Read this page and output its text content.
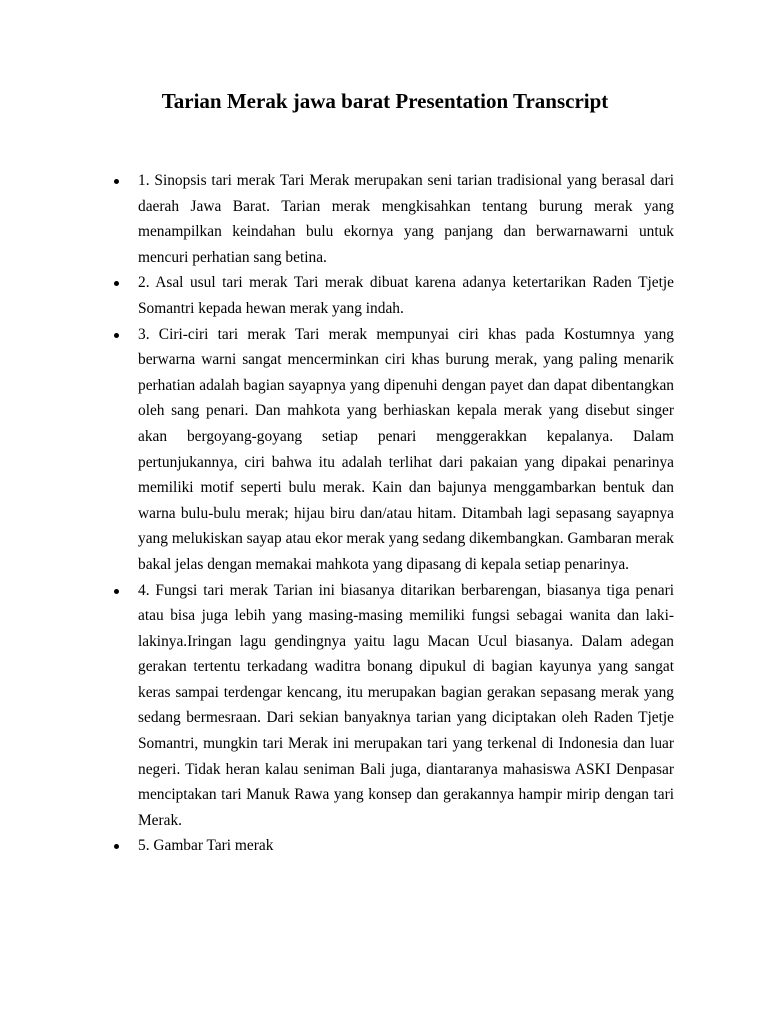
Tarian Merak jawa barat Presentation Transcript
1. Sinopsis tari merak Tari Merak merupakan seni tarian tradisional yang berasal dari daerah Jawa Barat. Tarian merak mengkisahkan tentang burung merak yang menampilkan keindahan bulu ekornya yang panjang dan berwarnawarni untuk mencuri perhatian sang betina.
2. Asal usul tari merak Tari merak dibuat karena adanya ketertarikan Raden Tjetje Somantri kepada hewan merak yang indah.
3. Ciri-ciri tari merak Tari merak mempunyai ciri khas pada Kostumnya yang berwarna warni sangat mencerminkan ciri khas burung merak, yang paling menarik perhatian adalah bagian sayapnya yang dipenuhi dengan payet dan dapat dibentangkan oleh sang penari. Dan mahkota yang berhiaskan kepala merak yang disebut singer akan bergoyang-goyang setiap penari menggerakkan kepalanya. Dalam pertunjukannya, ciri bahwa itu adalah terlihat dari pakaian yang dipakai penarinya memiliki motif seperti bulu merak. Kain dan bajunya menggambarkan bentuk dan warna bulu-bulu merak; hijau biru dan/atau hitam. Ditambah lagi sepasang sayapnya yang melukiskan sayap atau ekor merak yang sedang dikembangkan. Gambaran merak bakal jelas dengan memakai mahkota yang dipasang di kepala setiap penarinya.
4. Fungsi tari merak Tarian ini biasanya ditarikan berbarengan, biasanya tiga penari atau bisa juga lebih yang masing-masing memiliki fungsi sebagai wanita dan laki-lakinya.Iringan lagu gendingnya yaitu lagu Macan Ucul biasanya. Dalam adegan gerakan tertentu terkadang waditra bonang dipukul di bagian kayunya yang sangat keras sampai terdengar kencang, itu merupakan bagian gerakan sepasang merak yang sedang bermesraan. Dari sekian banyaknya tarian yang diciptakan oleh Raden Tjetje Somantri, mungkin tari Merak ini merupakan tari yang terkenal di Indonesia dan luar negeri. Tidak heran kalau seniman Bali juga, diantaranya mahasiswa ASKI Denpasar menciptakan tari Manuk Rawa yang konsep dan gerakannya hampir mirip dengan tari Merak.
5. Gambar Tari merak
